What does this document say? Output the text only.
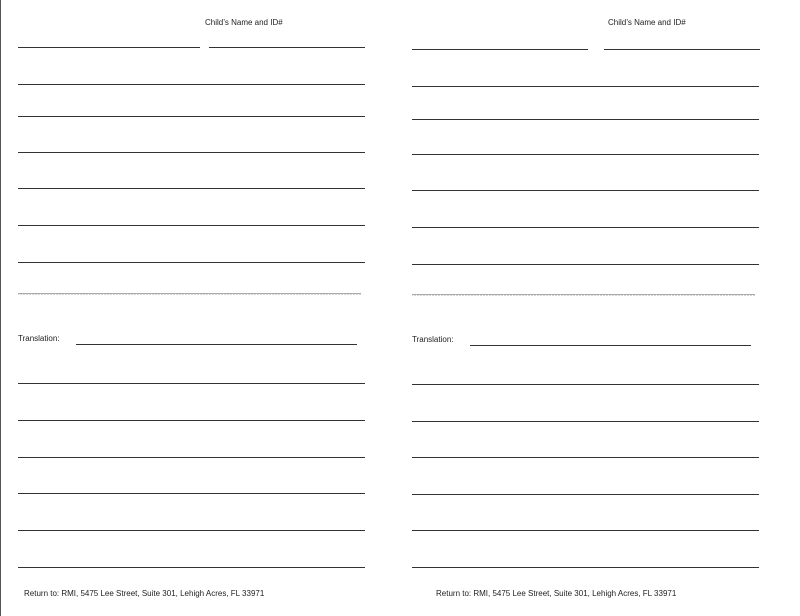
Child’s Name and ID#
Translation:
Return to: RMI, 5475 Lee Street, Suite 301, Lehigh Acres, FL 33971
Child’s Name and ID#
Translation:
Return to: RMI, 5475 Lee Street, Suite 301, Lehigh Acres, FL 33971
